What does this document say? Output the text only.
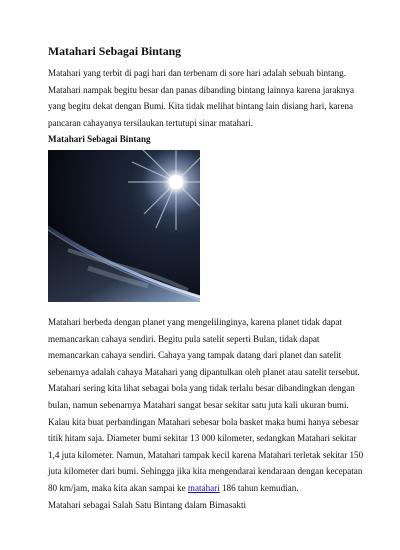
Matahari Sebagai Bintang

Matahari yang terbit di pagi hari dan terbenam di sore hari adalah sebuah bintang. Matahari nampak begitu besar dan panas dibanding bintang lainnya karena jaraknya yang begitu dekat dengan Bumi. Kita tidak melihat bintang lain disiang hari, karena pancaran cahayanya tersilaukan tertutupi sinar matahari.

Matahari Sebagai Bintang

Matahari berbeda dengan planet yang mengelilinginya, karena planet tidak dapat memancarkan cahaya sendiri. Begitu pula satelit seperti Bulan, tidak dapat memancarkan cahaya sendiri. Cahaya yang tampak datang dari planet dan satelit sebenarnya adalah cahaya Matahari yang dipantulkan oleh planet atau satelit tersebut.

Matahari sering kita lihat sebagai bola yang tidak terlalu besar dibandingkan dengan bulan, namun sebenarnya Matahari sangat besar sekitar satu juta kali ukuran bumi. Kalau kita buat perbandingan Matahari sebesar bola basket maka bumi hanya sebesar titik hitam saja. Diameter bumi sekitar 13 000 kilometer, sedangkan Matahari sekitar 1,4 juta kilometer. Namun, Matahari tampak kecil karena Matahari terletak sekitar 150 juta kilometer dari bumi. Sehingga jika kita mengendarai kendaraan dengan kecepatan 80 km/jam, maka kita akan sampai ke matahari 186 tahun kemudian.

Matahari sebagai Salah Satu Bintang dalam Bimasakti
